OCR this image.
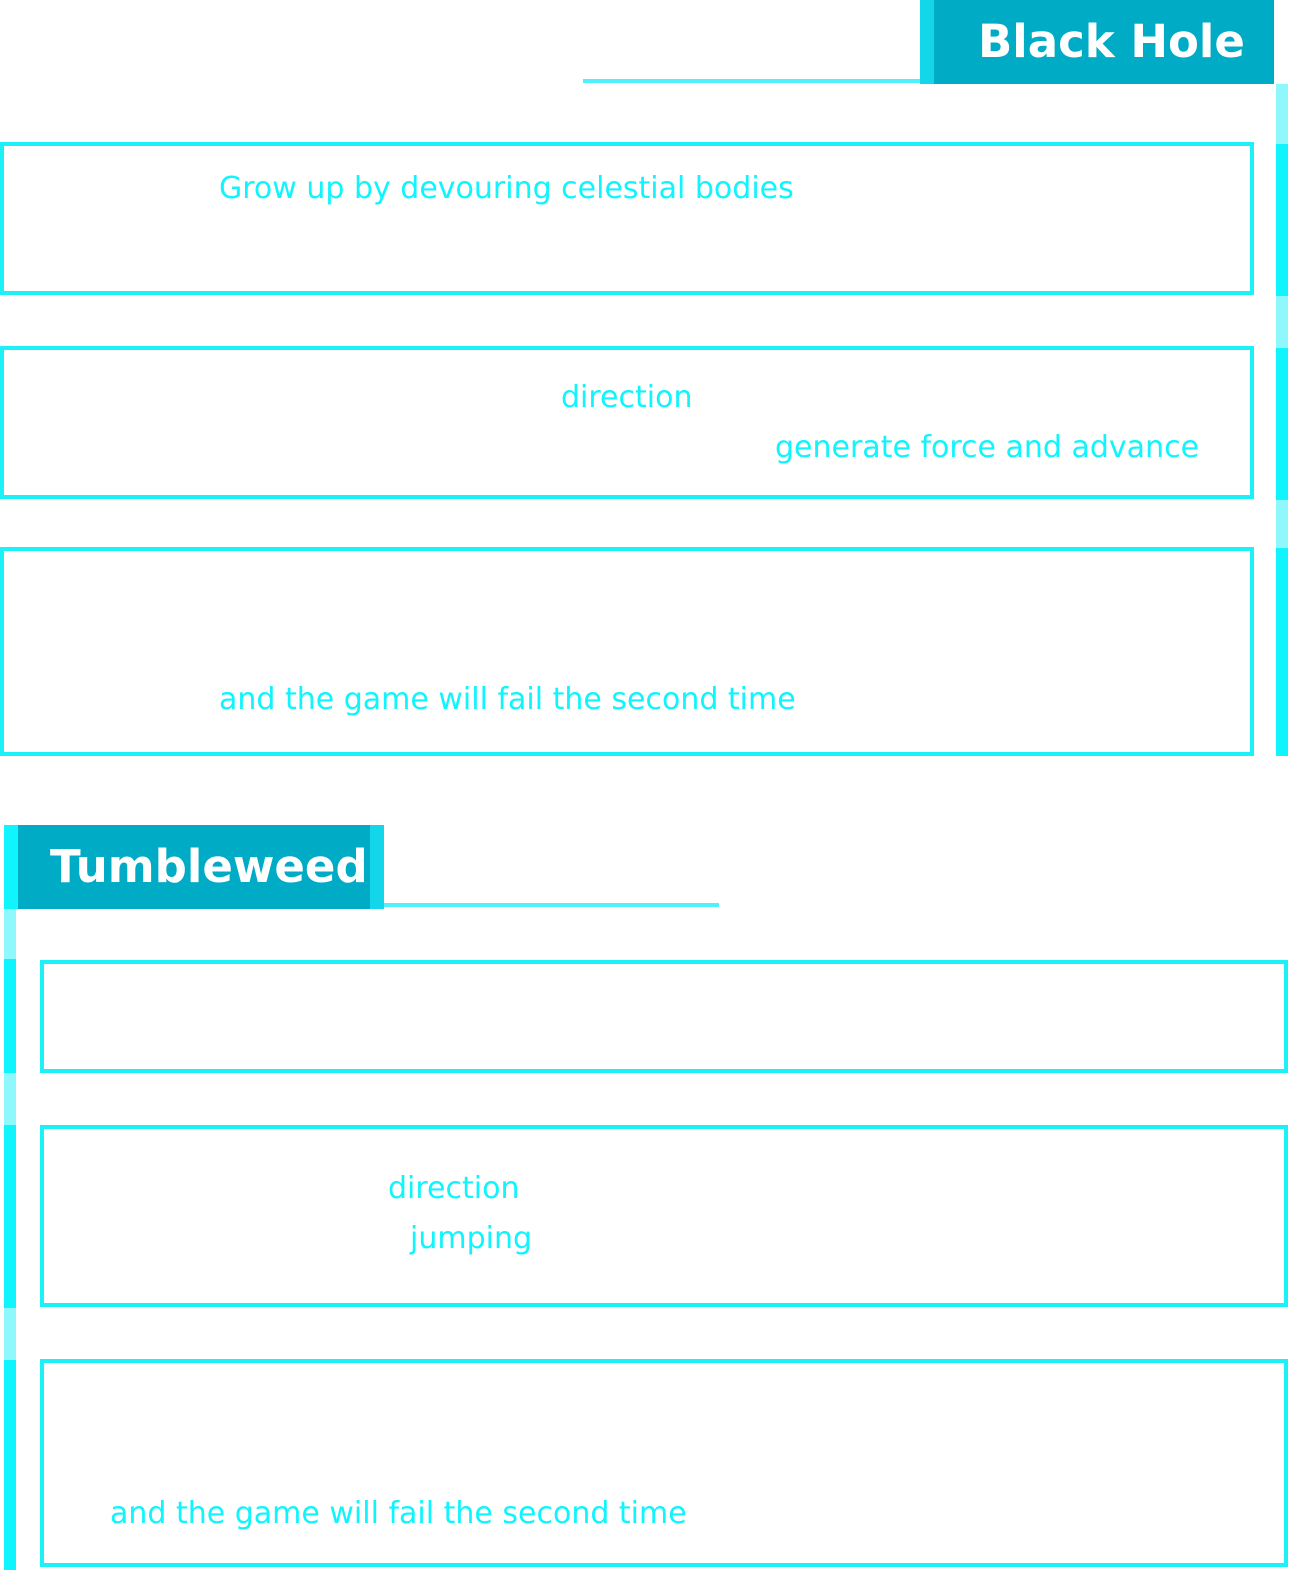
Black Hole
Grow up by devouring celestial bodies
direction
generate force and advance
and the game will fail the second time
Tumbleweed
direction
jumping
and the game will fail the second time
